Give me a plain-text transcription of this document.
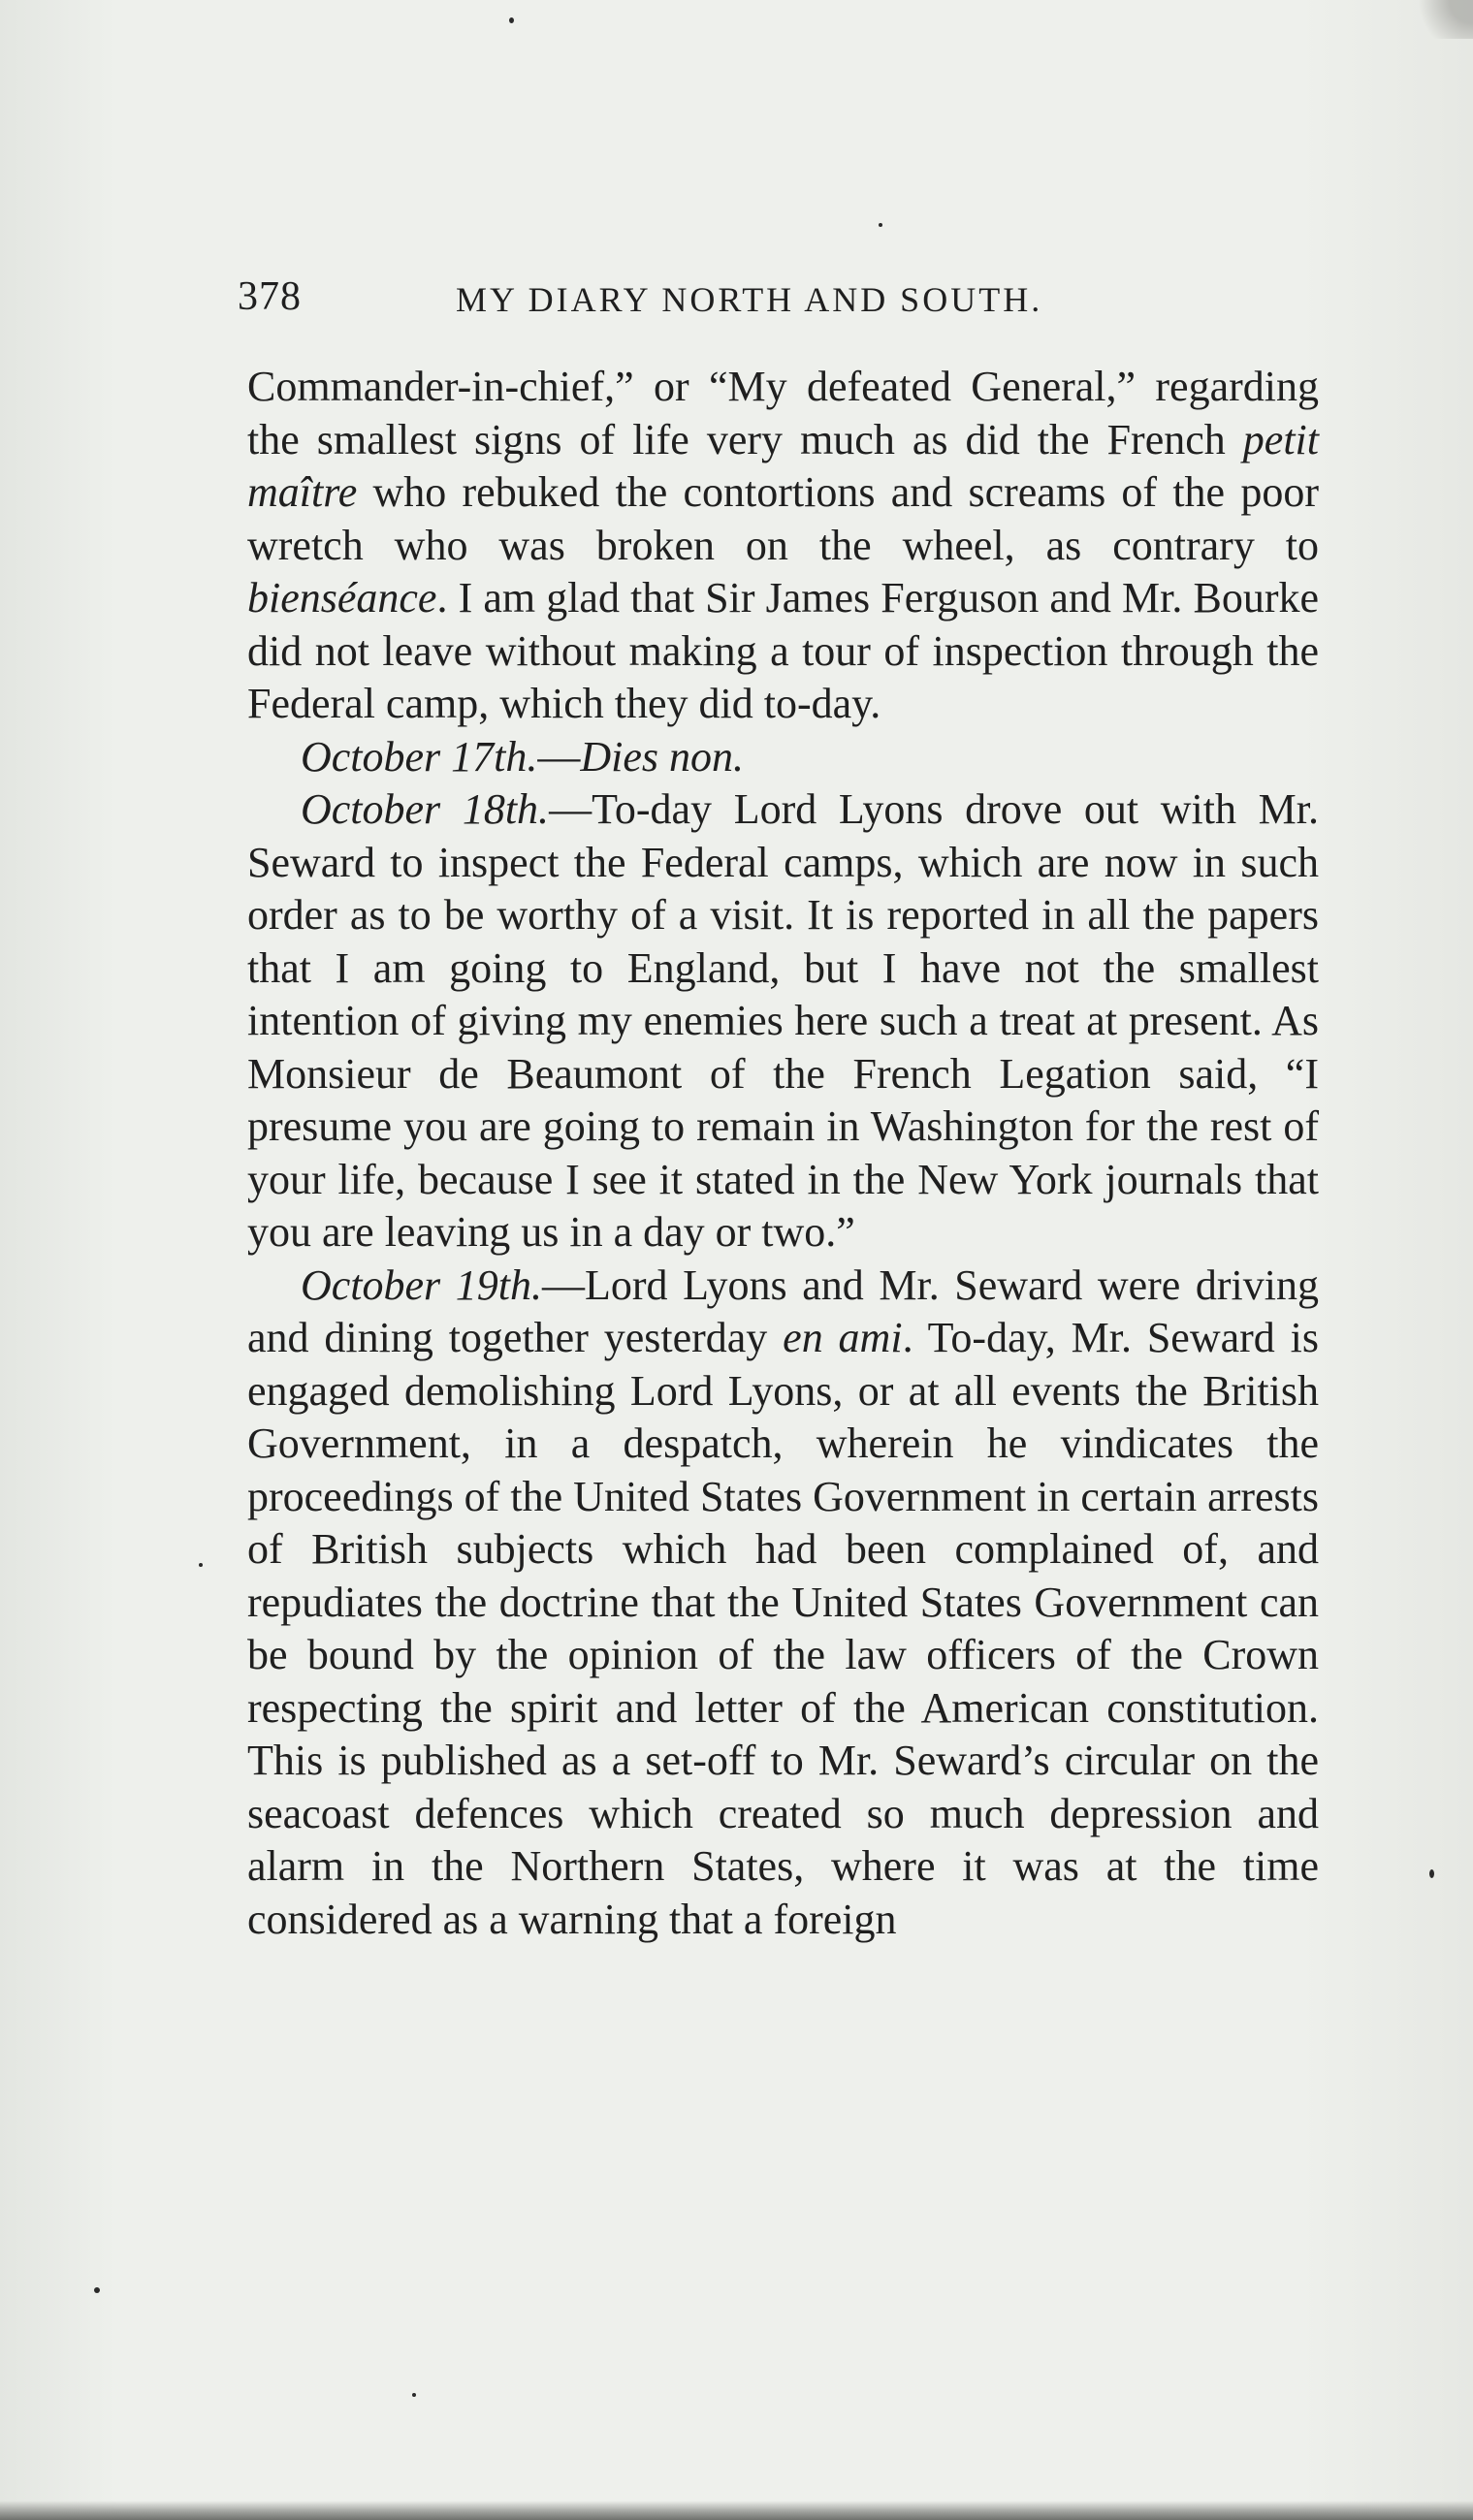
378	MY DIARY NORTH AND SOUTH.

Commander-in-chief,” or “My defeated General,” regarding the smallest signs of life very much as did the French petit maître who rebuked the contortions and screams of the poor wretch who was broken on the wheel, as contrary to bienséance. I am glad that Sir James Ferguson and Mr. Bourke did not leave without making a tour of inspection through the Federal camp, which they did to-day.

October 17th.—Dies non.

October 18th.—To-day Lord Lyons drove out with Mr. Seward to inspect the Federal camps, which are now in such order as to be worthy of a visit. It is reported in all the papers that I am going to England, but I have not the smallest intention of giving my enemies here such a treat at present. As Monsieur de Beaumont of the French Legation said, “I presume you are going to remain in Washington for the rest of your life, because I see it stated in the New York journals that you are leaving us in a day or two.”

October 19th.—Lord Lyons and Mr. Seward were driving and dining together yesterday en ami. To-day, Mr. Seward is engaged demolishing Lord Lyons, or at all events the British Government, in a despatch, wherein he vindicates the proceedings of the United States Government in certain arrests of British subjects which had been complained of, and repudiates the doctrine that the United States Government can be bound by the opinion of the law officers of the Crown respecting the spirit and letter of the American constitution. This is published as a set-off to Mr. Seward’s circular on the seacoast defences which created so much depression and alarm in the Northern States, where it was at the time considered as a warning that a foreign
